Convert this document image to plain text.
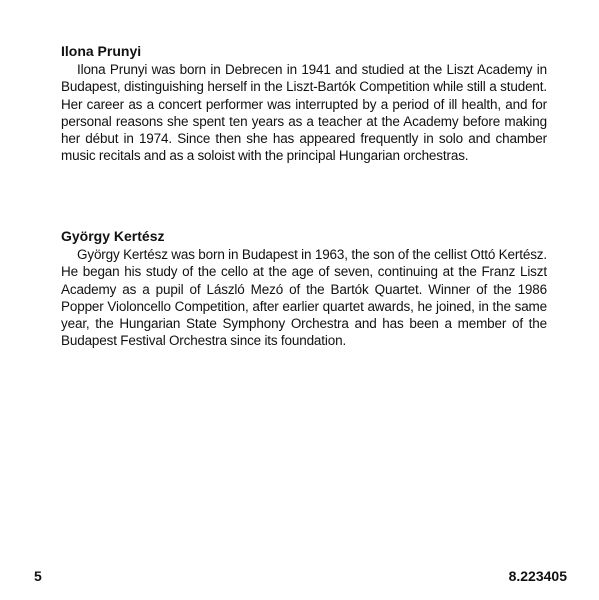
Ilona Prunyi

Ilona Prunyi was born in Debrecen in 1941 and studied at the Liszt Academy in Budapest, distinguishing herself in the Liszt-Bartók Competition while still a student. Her career as a concert performer was interrupted by a period of ill health, and for personal reasons she spent ten years as a teacher at the Academy before making her début in 1974. Since then she has appeared frequently in solo and chamber music recitals and as a soloist with the principal Hungarian orchestras.

György Kertész

György Kertész was born in Budapest in 1963, the son of the cellist Ottó Kertész. He began his study of the cello at the age of seven, continuing at the Franz Liszt Academy as a pupil of László Mezó of the Bartók Quartet. Winner of the 1986 Popper Violoncello Competition, after earlier quartet awards, he joined, in the same year, the Hungarian State Symphony Orchestra and has been a member of the Budapest Festival Orchestra since its foundation.

5	8.223405
